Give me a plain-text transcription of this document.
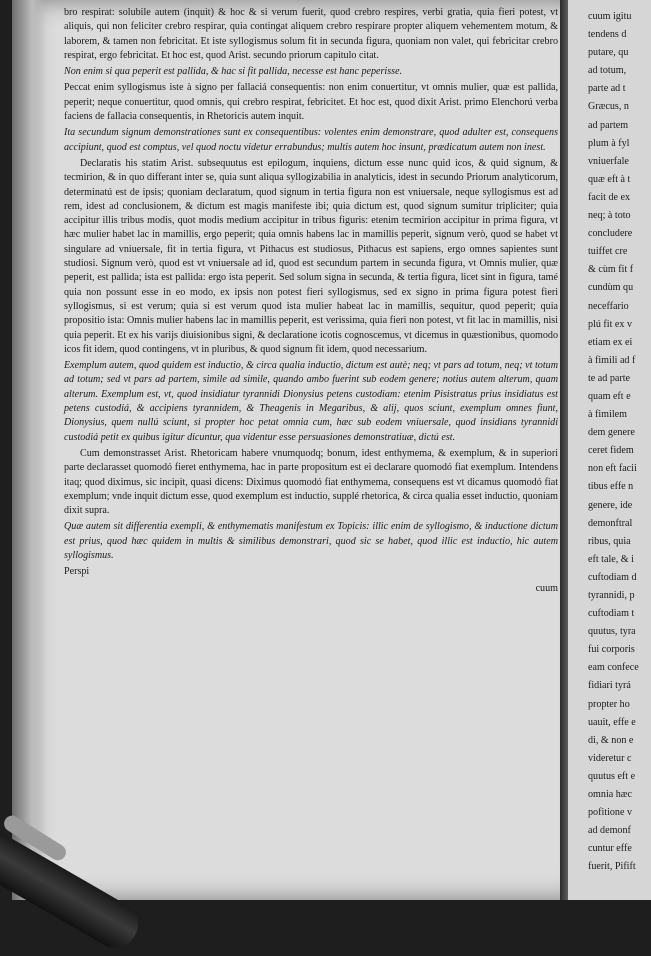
bro respirat: solubile autem (inquit) & hoc & si verum fuerit, quod crebro respires, verbi gratia, quia fieri potest, vt aliquis, qui non feliciter crebro respirar, quia contingat aliquem crebro respirare propter aliquem vehementem motum, & laborem, & tamen non febricitat. Et iste syllogismus solum fit in secunda figura, quoniam non valet, qui febricitar crebro respirat, ergo febricitat. Et hoc est, quod Arist. secundo priorum capitulo citat.

Non enim si qua peperit est pallida, & hac si fit pallida, necesse est hanc peperisse.

Peccat enim syllogismus iste à signo per fallaciá consequentis: non enim conuertitur, vt omnis mulier, quæ est pallida, peperit; neque conuertitur, quod omnis, qui crebro respirat, febricitet. Et hoc est, quod dixit Arist. primo Elenchorú verba faciens de fallacia consequentis, in Rhetoricis autem inquit.

Ita secundum signum demonstrationes sunt ex consequentibus: volentes enim demonstrare, quod adulter est, consequens accipiunt, quod est comptus, vel quod noctu videtur errabundus; multis autem hoc insunt, prædicatum autem non inest.

Declaratis his statim Arist. subsequutus est epilogum, inquiens, dictum esse nunc quid icos, & quid signum, & tecmirion, & in quo differant inter se, quia sunt aliqua syllogizabilia in analyticis, idest in secundo Priorum analyticorum, determinatú est de ipsis; quoniam declaratum, quod signum in tertia figura non est vniuersale, neque syllogismus est ad rem, idest ad conclusionem, & dictum est magis manifeste ibi; quia dictum est, quod signum sumitur tripliciter; quia accipitur illis tribus modis, quot modis medium accipitur in tribus figuris: etenim tecmirion accipitur in prima figura, vt hæc mulier habet lac in mamillis, ergo peperit; quia omnis habens lac in mamillis peperit, signum verò, quod se habet vt singulare ad vniuersale, fit in tertia figura, vt Pithacus est studiosus, Pithacus est sapiens, ergo omnes sapientes sunt studiosi. Signum verò, quod est vt vniuersale ad id, quod est secundum partem in secunda figura, vt Omnis mulier, quæ peperit, est pallida; ista est pallida: ergo ista peperit. Sed solum signa in secunda, & tertia figura, licet sint in figura, tamé quia non possunt esse in eo modo, ex ipsis non potest fieri syllogismus, sed ex signo in prima figura potest fieri syllogismus, si est verum; quia si est verum quod ista mulier habeat lac in mamillis, sequitur, quod peperit; quia propositio ista: Omnis mulier habens lac in mamillis peperit, est verissima, quia fieri non potest, vt fit lac in mamillis, nisi quia peperit. Et ex his varijs diuisionibus signi, & declaratione icotis cognoscemus, vt dicemus in quæstionibus, quomodo icos fit idem, quod contingens, vt in pluribus, & quod signum fit idem, quod necessarium.

Exemplum autem, quod quidem est inductio, & circa qualia inductio, dictum est autè; neq; vt pars ad totum, neq; vt totum ad totum; sed vt pars ad partem, simile ad simile, quando ambo fuerint sub eodem genere; notius autem alterum, quam alterum. Exemplum est, vt, quod insidiatur tyrannidi Dionysius petens custodiam: etenim Pisistratus prius insidiatus est petens custodiá, & accipiens tyrannidem, & Theagenis in Megaribus, & alij, quos sciunt, exemplum omnes fiunt, Dionysius, quem nullú sciunt, si propter hoc petat omnia cum, hæc sub eodem vniuersale, quod insidians tyrannidi custodiá petit ex quibus igitur dicuntur, qua videntur esse persuasiones demonstratiuæ, dictú est.

Cum demonstrasset Arist. Rhetoricam habere vnumquodq; bonum, idest enthymema, & exemplum, & in superiori parte declarasset quomodó fieret enthymema, hac in parte propositum est ei declarare quomodó fiat exemplum. Intendens itaq; quod diximus, sic incipit, quasi dicens: Diximus quomodó fiat enthymema, consequens est vt dicamus quomodó fiat exemplum; vnde inquit dictum esse, quod exemplum est inductio, supplé rhetorica, & circa qualia esset inductio, quoniam dixit supra.

Quæ autem sit differentia exempli, & enthymematis manifestum ex Topicis: illic enim de syllogismo, & inductione dictum est prius, quod hæc quidem in multis & similibus demonstrari, quod sic se habet, quod illic est inductio, hic autem syllogismus.

Perspi

cuum

cuum igitu
tendens d
putare, qu
ad totum,
parte ad t
Græcus, n
ad partem
plum à fyl
vniuerfale
quæ eft à t
facit de ex
neq; à toto
concludere
tuiffet cre
& cùm fit f
cundùm qu
neceffario
plú fit ex v
etiam ex ei
à fimili ad f
te ad parte
quam eft e
à fimilem
dem genere
ceret fidem
non eft facii
tibus effe n
genere, ide
demonftral
ribus, quia
eft tale, & i
cuftodiam d
tyrannidi, p
cuftodiam t
quutus, tyra
fui corporis
eam confece
fidiari tyrá
propter ho
uauit, effe e
di, & non e
videretur c
quutus eft e
omnia hæc
pofitione v
ad demonf
cuntur effe
fuerit, Pifift
